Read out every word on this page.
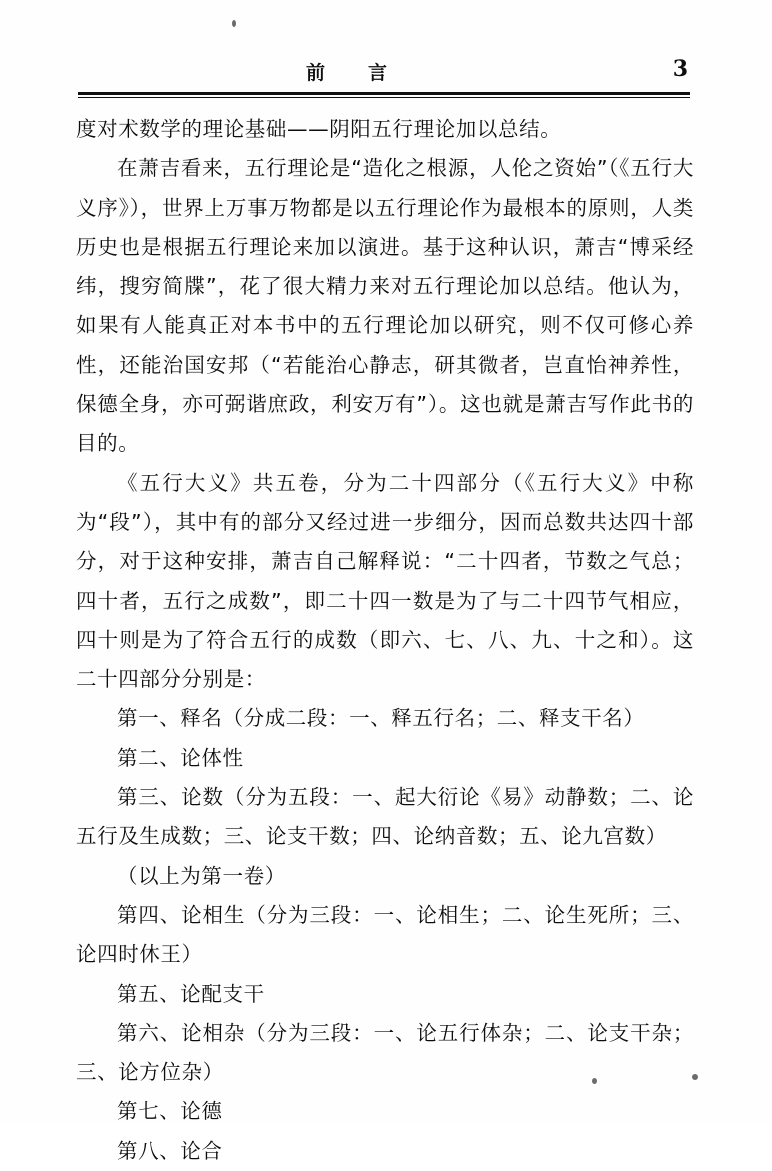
前　言	3

度对术数学的理论基础——阴阳五行理论加以总结。

在萧吉看来，五行理论是“造化之根源，人伦之资始”（《五行大义序》），世界上万事万物都是以五行理论作为最根本的原则，人类历史也是根据五行理论来加以演进。基于这种认识，萧吉“博采经纬，搜穷简牒”，花了很大精力来对五行理论加以总结。他认为，如果有人能真正对本书中的五行理论加以研究，则不仅可修心养性，还能治国安邦（“若能治心静志，研其微者，岂直怡神养性，保德全身，亦可弼谐庶政，利安万有”）。这也就是萧吉写作此书的目的。

《五行大义》共五卷，分为二十四部分（《五行大义》中称为“段”），其中有的部分又经过进一步细分，因而总数共达四十部分，对于这种安排，萧吉自己解释说：“二十四者，节数之气总；四十者，五行之成数”，即二十四一数是为了与二十四节气相应，四十则是为了符合五行的成数（即六、七、八、九、十之和）。这二十四部分分别是：

第一、释名（分成二段：一、释五行名；二、释支干名）

第二、论体性

第三、论数（分为五段：一、起大衍论《易》动静数；二、论五行及生成数；三、论支干数；四、论纳音数；五、论九宫数）

（以上为第一卷）

第四、论相生（分为三段：一、论相生；二、论生死所；三、论四时休王）

第五、论配支干

第六、论相杂（分为三段：一、论五行体杂；二、论支干杂；三、论方位杂）

第七、论德

第八、论合
